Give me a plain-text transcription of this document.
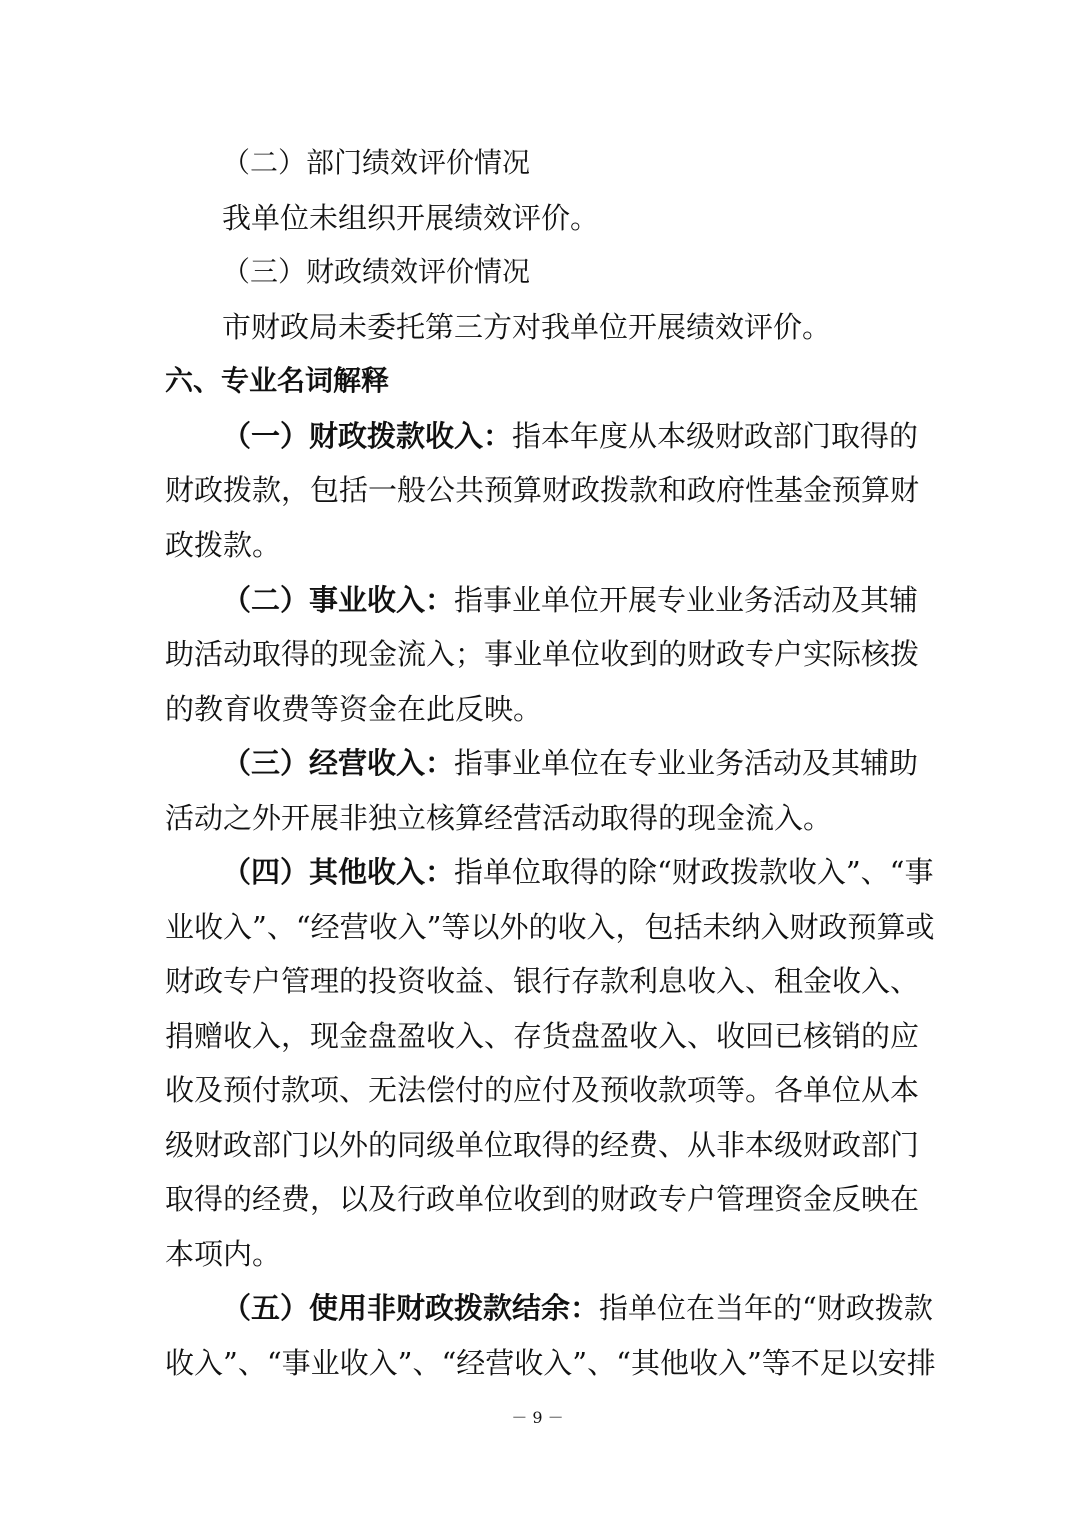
（二）部门绩效评价情况
我单位未组织开展绩效评价。
（三）财政绩效评价情况
市财政局未委托第三方对我单位开展绩效评价。
六、专业名词解释
（一）财政拨款收入：指本年度从本级财政部门取得的
财政拨款，包括一般公共预算财政拨款和政府性基金预算财
政拨款。
（二）事业收入：指事业单位开展专业业务活动及其辅
助活动取得的现金流入；事业单位收到的财政专户实际核拨
的教育收费等资金在此反映。
（三）经营收入：指事业单位在专业业务活动及其辅助
活动之外开展非独立核算经营活动取得的现金流入。
（四）其他收入：指单位取得的除“财政拨款收入”、“事
业收入”、“经营收入”等以外的收入，包括未纳入财政预算或
财政专户管理的投资收益、银行存款利息收入、租金收入、
捐赠收入，现金盘盈收入、存货盘盈收入、收回已核销的应
收及预付款项、无法偿付的应付及预收款项等。各单位从本
级财政部门以外的同级单位取得的经费、从非本级财政部门
取得的经费，以及行政单位收到的财政专户管理资金反映在
本项内。
（五）使用非财政拨款结余：指单位在当年的“财政拨款
收入”、“事业收入”、“经营收入”、“其他收入”等不足以安排
－ 9 －
